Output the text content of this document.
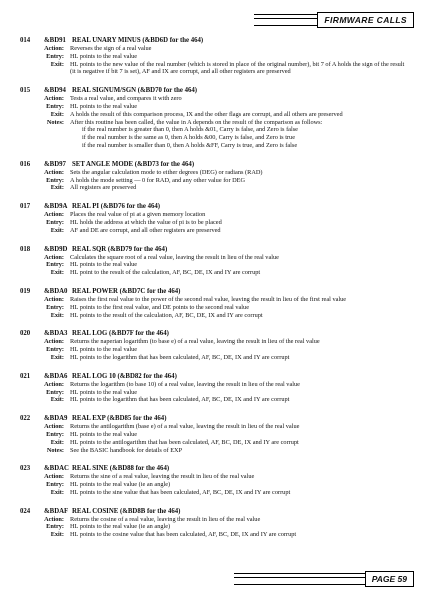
FIRMWARE CALLS
014	&BD91 REAL UNARY MINUS (&BD6D for the 464)
Action: Reverses the sign of a real value
Entry: HL points to the real value
Exit: HL points to the new value of the real number (which is stored in place of the original number), bit 7 of A holds the sign of the result (it is negative if bit 7 is set), AF and IX are corrupt, and all other registers are preserved
015	&BD94 REAL SIGNUM/SGN (&BD70 for the 464)
Action: Tests a real value, and compares it with zero
Entry: HL points to the real value
Exit: A holds the result of this comparison process, IX and the other flags are corrupt, and all others are preserved
Notes: After this routine has been called, the value in A depends on the result of the comparison as follows:
if the real number is greater than 0, then A holds &01, Carry is false, and Zero is false
if the real number is the same as 0, then A holds &00, Carry is false, and Zero is true
if the real number is smaller than 0, then A holds &FF, Carry is true, and Zero is false
016	&BD97 SET ANGLE MODE (&BD73 for the 464)
Action: Sets the angular calculation mode to either degrees (DEG) or radians (RAD)
Entry: A holds the mode setting — 0 for RAD, and any other value for DEG
Exit: All registers are preserved
017	&BD9A REAL PI (&BD76 for the 464)
Action: Places the real value of pi at a given memory location
Entry: HL holds the address at which the value of pi is to be placed
Exit: AF and DE are corrupt, and all other registers are preserved
018	&BD9D REAL SQR (&BD79 for the 464)
Action: Calculates the square root of a real value, leaving the result in lieu of the real value
Entry: HL points to the real value
Exit: HL point to the result of the calculation, AF, BC, DE, IX and IY are corrupt
019	&BDA0 REAL POWER (&BD7C for the 464)
Action: Raises the first real value to the power of the second real value, leaving the result in lieu of the first real value
Entry: HL points to the first real value, and DE points to the second real value
Exit: HL points to the result of the calculation, AF, BC, DE, IX and IY are corrupt
020	&BDA3 REAL LOG (&BD7F for the 464)
Action: Returns the naperian logarithm (to base e) of a real value, leaving the result in lieu of the real value
Entry: HL points to the real value
Exit: HL points to the logarithm that has been calculated, AF, BC, DE, IX and IY are corrupt
021	&BDA6 REAL LOG 10 (&BD82 for the 464)
Action: Returns the logarithm (to base 10) of a real value, leaving the result in lieu of the real value
Entry: HL points to the real value
Exit: HL points to the logarithm that has been calculated, AF, BC, DE, IX and IY are corrupt
022	&BDA9 REAL EXP (&BD85 for the 464)
Action: Returns the antilogarithm (base e) of a real value, leaving the result in lieu of the real value
Entry: HL points to the real value
Exit: HL points to the antilogarithm that has been calculated, AF, BC, DE, IX and IY are corrupt
Notes: See the BASIC handbook for details of EXP
023	&BDAC REAL SINE (&BD88 for the 464)
Action: Returns the sine of a real value, leaving the result in lieu of the real value
Entry: HL points to the real value (ie an angle)
Exit: HL points to the sine value that has been calculated, AF, BC, DE, IX and IY are corrupt
024	&BDAF REAL COSINE (&BD8B for the 464)
Action: Returns the cosine of a real value, leaving the result in lieu of the real value
Entry: HL points to the real value (ie an angle)
Exit: HL points to the cosine value that has been calculated, AF, BC, DE, IX and IY are corrupt
PAGE 59
